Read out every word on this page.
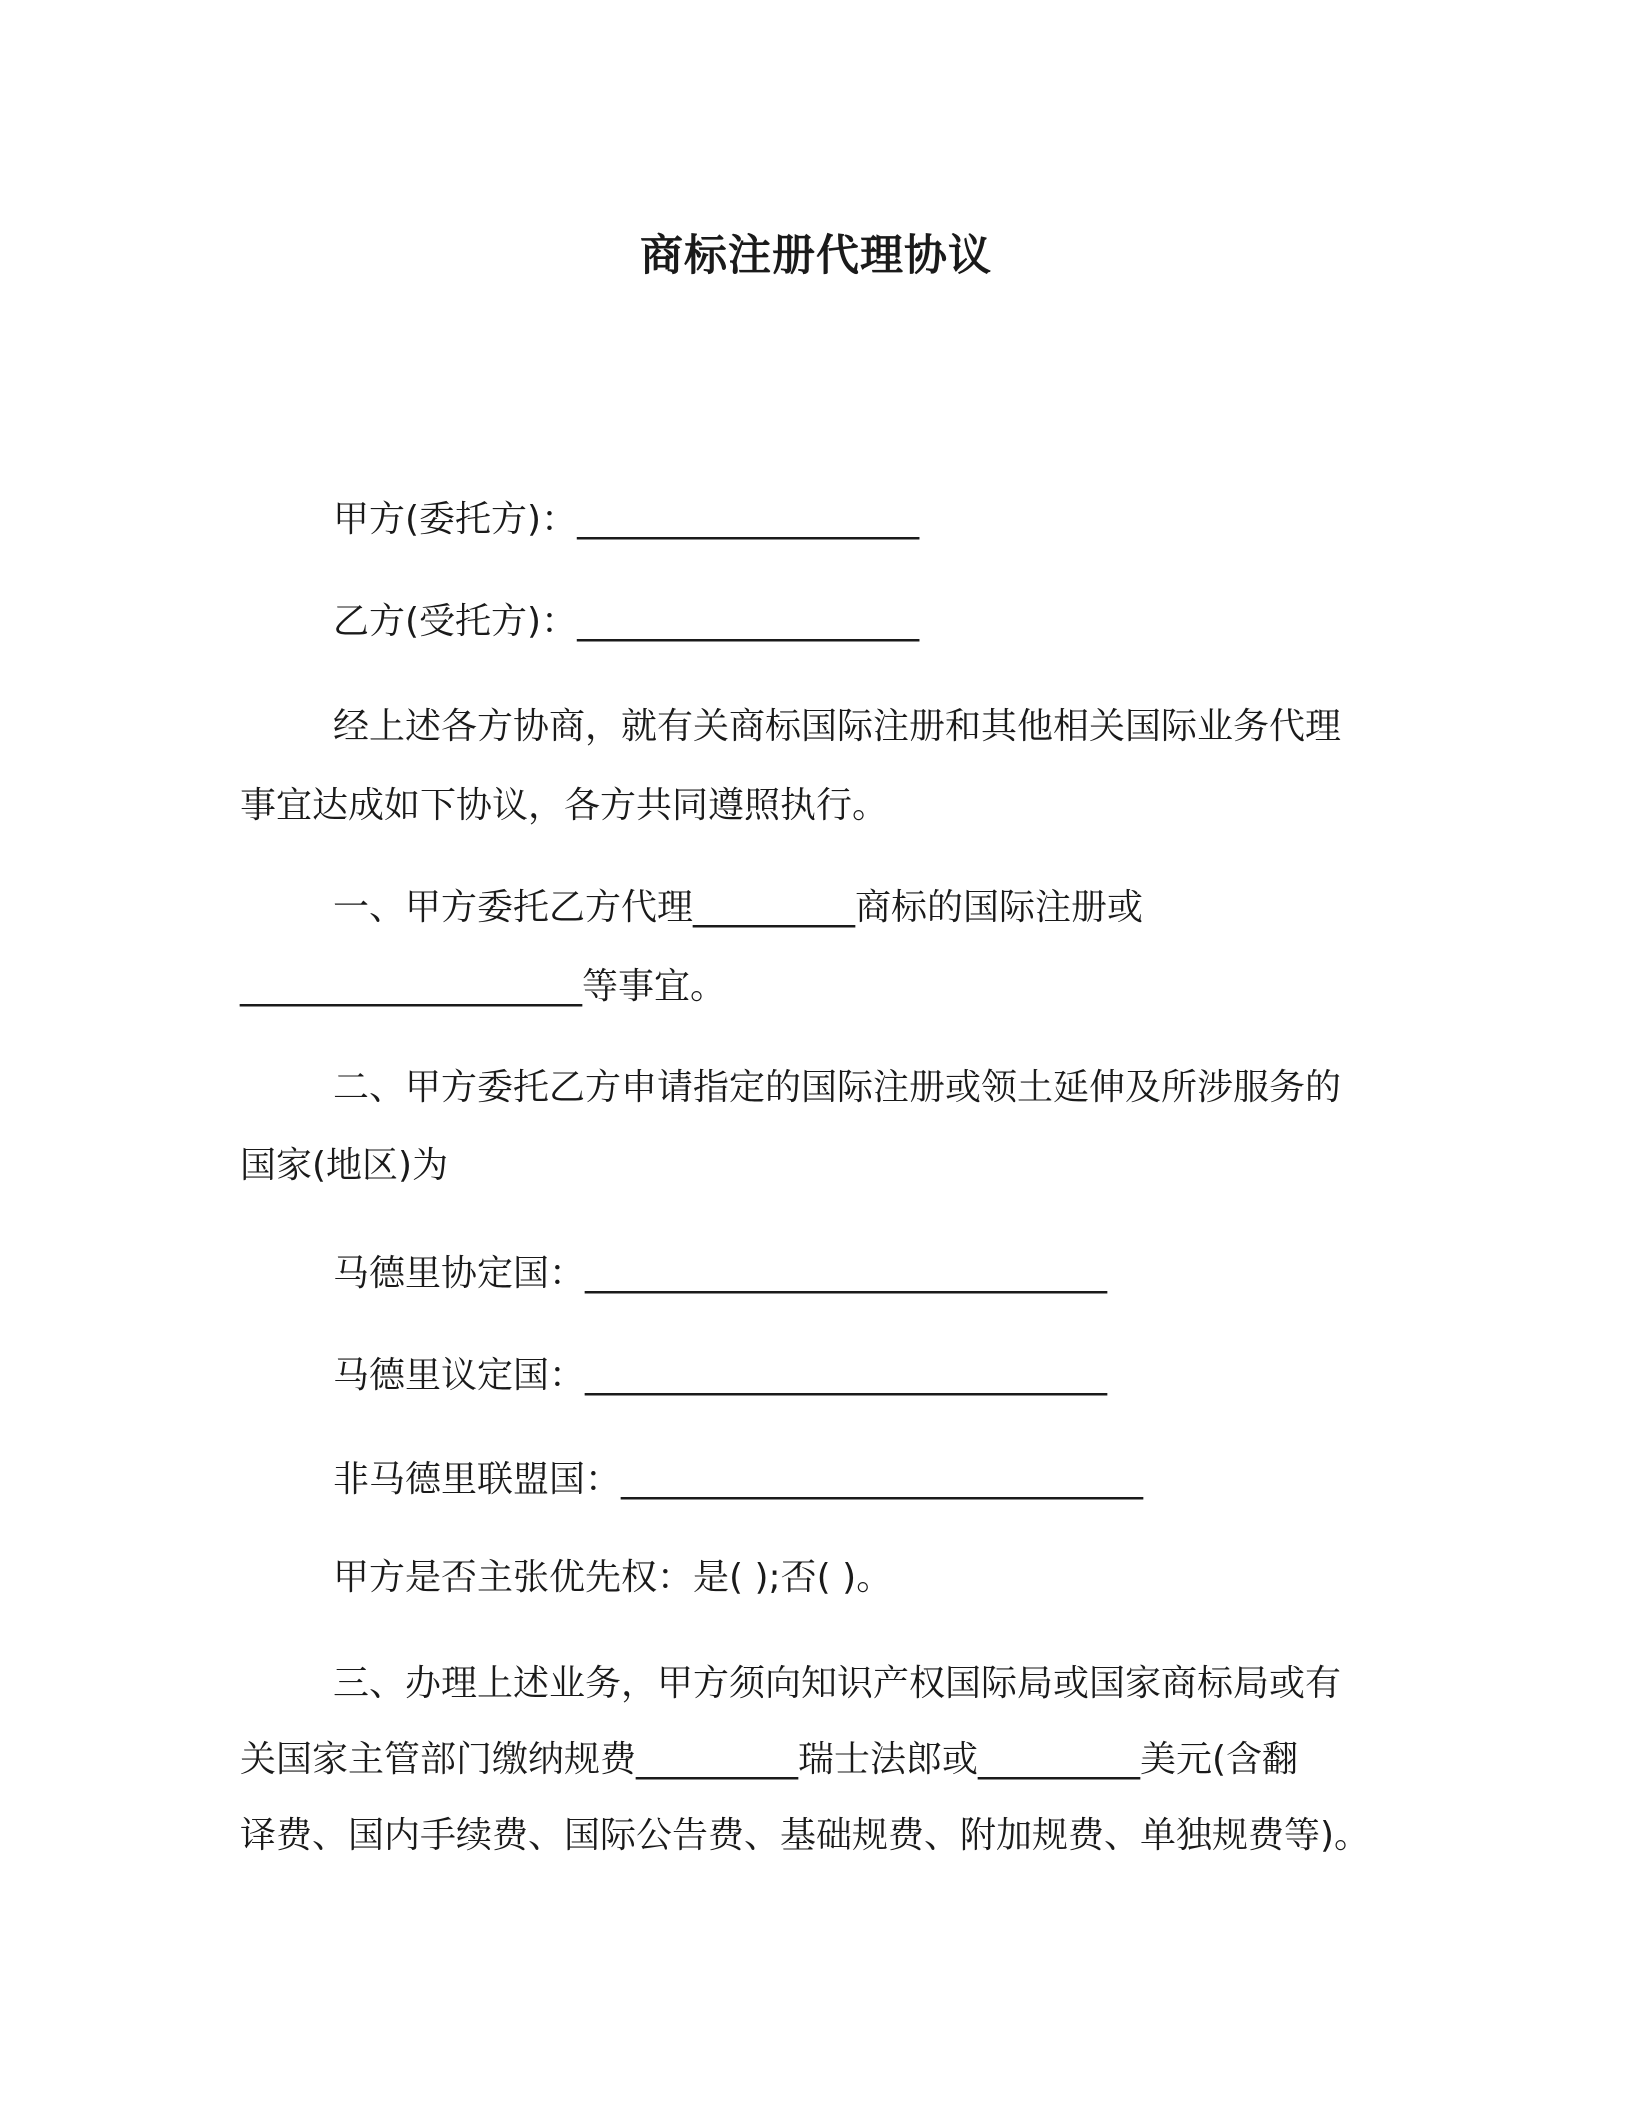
商标注册代理协议
甲方(委托方)：___________________
乙方(受托方)：___________________
经上述各方协商，就有关商标国际注册和其他相关国际业务代理
事宜达成如下协议，各方共同遵照执行。
一、甲方委托乙方代理_________商标的国际注册或
___________________等事宜。
二、甲方委托乙方申请指定的国际注册或领土延伸及所涉服务的
国家(地区)为
马德里协定国：_____________________________
马德里议定国：_____________________________
非马德里联盟国：_____________________________
甲方是否主张优先权：是( );否( )。
三、办理上述业务，甲方须向知识产权国际局或国家商标局或有
关国家主管部门缴纳规费_________瑞士法郎或_________美元(含翻
译费、国内手续费、国际公告费、基础规费、附加规费、单独规费等)。
